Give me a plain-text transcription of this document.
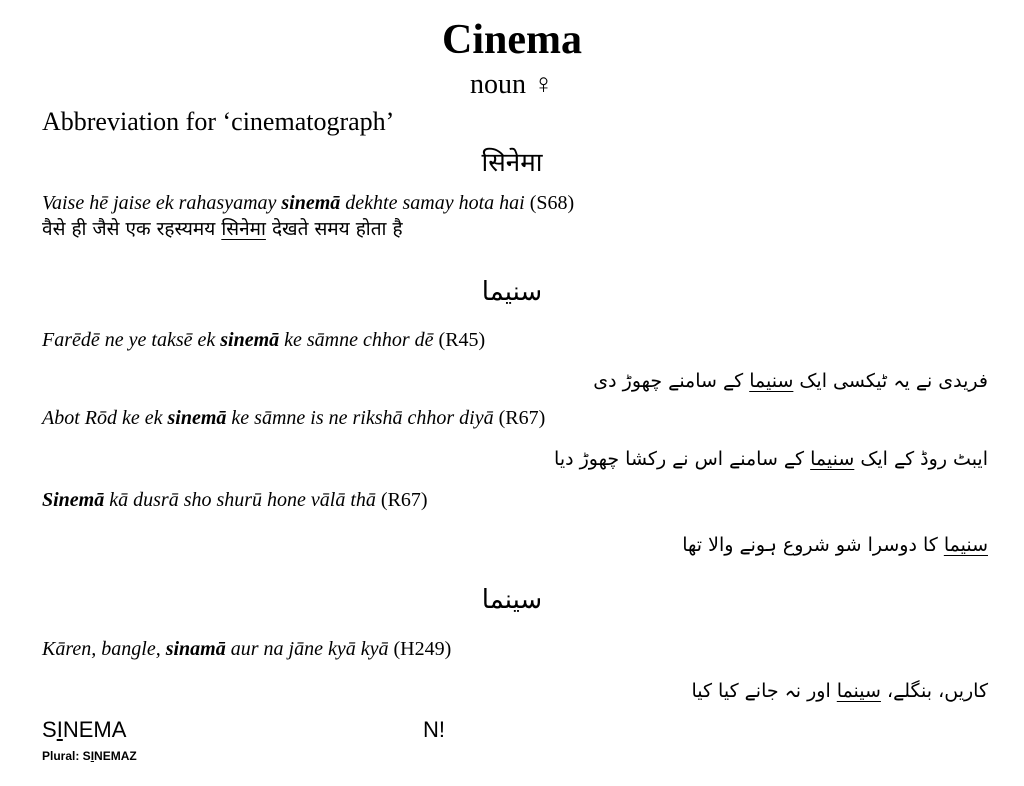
Cinema
noun ♀
Abbreviation for ‘cinematograph’
सिनेमा
Vaise hē jaise ek rahasyamay sinemā dekhte samay hota hai (S68)
वैसे ही जैसे एक रहस्यमय सिनेमा देखते समय होता है
سنیما
Farēdē ne ye taksē ek sinemā ke sāmne chhor dē (R45)
فریدی نے یہ ٹیکسی ایک سنیما کے سامنے چھوڑ دی
Abot Rōd ke ek sinemā ke sāmne is ne rikshā chhor diyā (R67)
ایبٹ روڈ کے ایک سنیما کے سامنے اس نے رکشا چھوڑ دیا
Sinemā kā dusrā sho shurū hone vālā thā (R67)
سنیما کا دوسرا شو شروع ہونے والا تھا
سینما
Kāren, bangle, sinamā aur na jāne kyā kyā (H249)
کاریں، بنگلے، سینما اور نہ جانے کیا کیا
SINEMA	N!
Plural: SINEMAZ
